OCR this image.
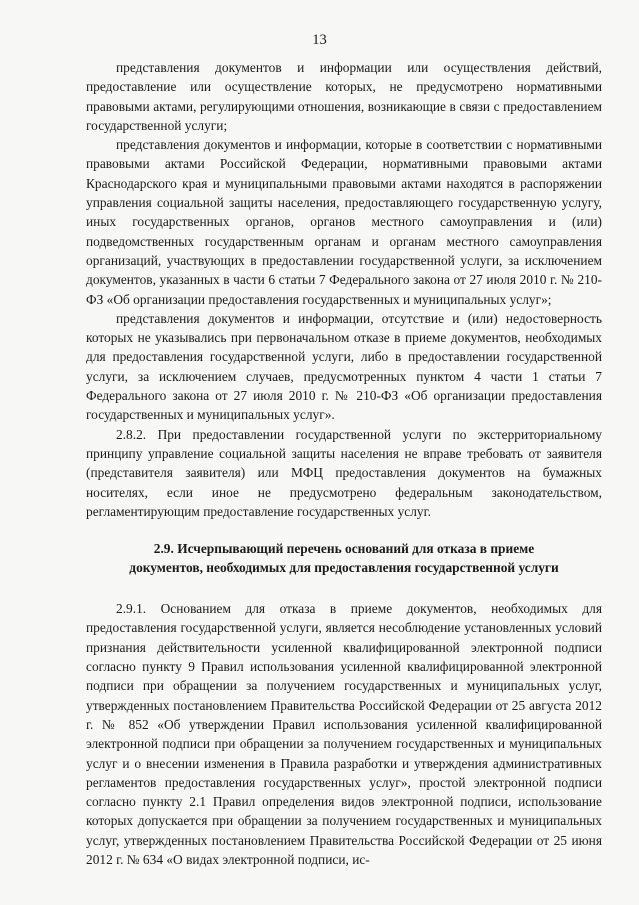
13

представления документов и информации или осуществления действий, предоставление или осуществление которых, не предусмотрено нормативными правовыми актами, регулирующими отношения, возникающие в связи с предоставлением государственной услуги;

представления документов и информации, которые в соответствии с нормативными правовыми актами Российской Федерации, нормативными правовыми актами Краснодарского края и муниципальными правовыми актами находятся в распоряжении управления социальной защиты населения, предоставляющего государственную услугу, иных государственных органов, органов местного самоуправления и (или) подведомственных государственным органам и органам местного самоуправления организаций, участвующих в предоставлении государственной услуги, за исключением документов, указанных в части 6 статьи 7 Федерального закона от 27 июля 2010 г. № 210-ФЗ «Об организации предоставления государственных и муниципальных услуг»;

представления документов и информации, отсутствие и (или) недостоверность которых не указывались при первоначальном отказе в приеме документов, необходимых для предоставления государственной услуги, либо в предоставлении государственной услуги, за исключением случаев, предусмотренных пунктом 4 части 1 статьи 7 Федерального закона от 27 июля 2010 г. № 210-ФЗ «Об организации предоставления государственных и муниципальных услуг».

2.8.2. При предоставлении государственной услуги по экстерриториальному принципу управление социальной защиты населения не вправе требовать от заявителя (представителя заявителя) или МФЦ предоставления документов на бумажных носителях, если иное не предусмотрено федеральным законодательством, регламентирующим предоставление государственных услуг.

2.9. Исчерпывающий перечень оснований для отказа в приеме документов, необходимых для предоставления государственной услуги

2.9.1. Основанием для отказа в приеме документов, необходимых для предоставления государственной услуги, является несоблюдение установленных условий признания действительности усиленной квалифицированной электронной подписи согласно пункту 9 Правил использования усиленной квалифицированной электронной подписи при обращении за получением государственных и муниципальных услуг, утвержденных постановлением Правительства Российской Федерации от 25 августа 2012 г. № 852 «Об утверждении Правил использования усиленной квалифицированной электронной подписи при обращении за получением государственных и муниципальных услуг и о внесении изменения в Правила разработки и утверждения административных регламентов предоставления государственных услуг», простой электронной подписи согласно пункту 2.1 Правил определения видов электронной подписи, использование которых допускается при обращении за получением государственных и муниципальных услуг, утвержденных постановлением Правительства Российской Федерации от 25 июня 2012 г. № 634 «О видах электронной подписи, ис-
